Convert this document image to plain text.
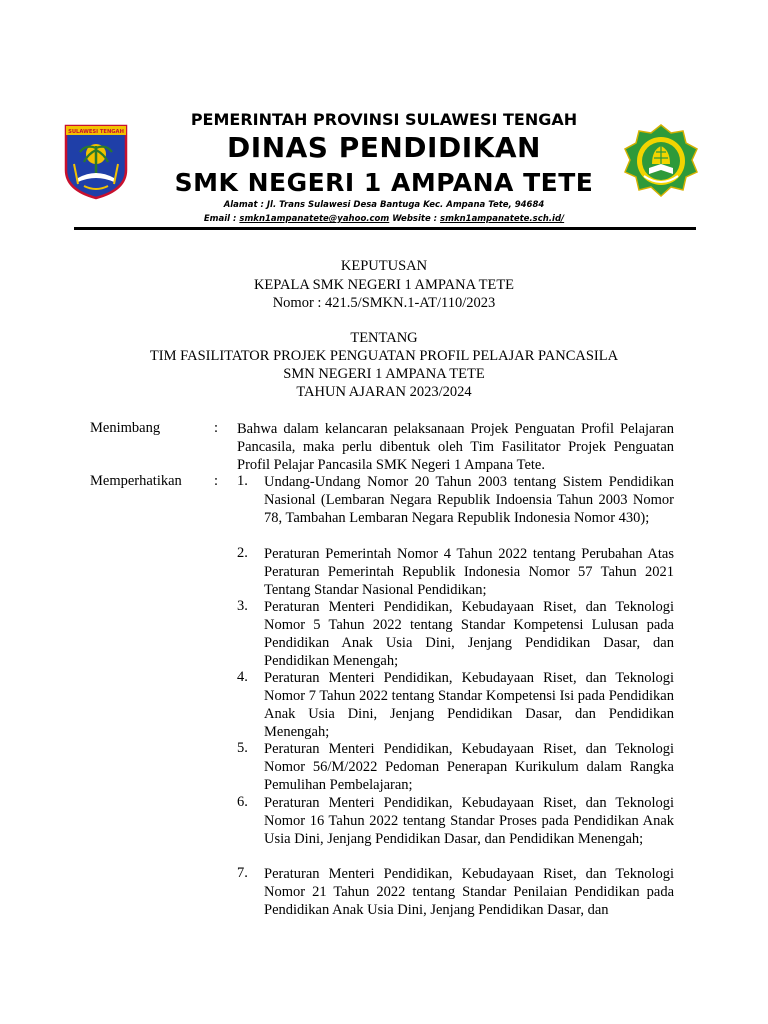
SULAWESI TENGAH
PEMERINTAH PROVINSI SULAWESI TENGAH
DINAS PENDIDIKAN
SMK NEGERI 1 AMPANA TETE
Alamat : Jl. Trans Sulawesi Desa Bantuga Kec. Ampana Tete, 94684
Email : smkn1ampanatete@yahoo.com Website : smkn1ampanatete.sch.id/
KEPUTUSAN
KEPALA SMK NEGERI 1 AMPANA TETE
Nomor : 421.5/SMKN.1-AT/110/2023
TENTANG
TIM FASILITATOR PROJEK PENGUATAN PROFIL PELAJAR PANCASILA
SMN NEGERI 1 AMPANA TETE
TAHUN AJARAN 2023/2024
Menimbang	: Bahwa dalam kelancaran pelaksanaan Projek Penguatan Profil Pelajaran Pancasila, maka perlu dibentuk oleh Tim Fasilitator Projek Penguatan Profil Pelajar Pancasila SMK Negeri 1 Ampana Tete.
Memperhatikan : 1. Undang-Undang Nomor 20 Tahun 2003 tentang Sistem Pendidikan Nasional (Lembaran Negara Republik Indoensia Tahun 2003 Nomor 78, Tambahan Lembaran Negara Republik Indonesia Nomor 430);
2. Peraturan Pemerintah Nomor 4 Tahun 2022 tentang Perubahan Atas Peraturan Pemerintah Republik Indonesia Nomor 57 Tahun 2021 Tentang Standar Nasional Pendidikan;
3. Peraturan Menteri Pendidikan, Kebudayaan Riset, dan Teknologi Nomor 5 Tahun 2022 tentang Standar Kompetensi Lulusan pada Pendidikan Anak Usia Dini, Jenjang Pendidikan Dasar, dan Pendidikan Menengah;
4. Peraturan Menteri Pendidikan, Kebudayaan Riset, dan Teknologi Nomor 7 Tahun 2022 tentang Standar Kompetensi Isi pada Pendidikan Anak Usia Dini, Jenjang Pendidikan Dasar, dan Pendidikan Menengah;
5. Peraturan Menteri Pendidikan, Kebudayaan Riset, dan Teknologi Nomor 56/M/2022 Pedoman Penerapan Kurikulum dalam Rangka Pemulihan Pembelajaran;
6. Peraturan Menteri Pendidikan, Kebudayaan Riset, dan Teknologi Nomor 16 Tahun 2022 tentang Standar Proses pada Pendidikan Anak Usia Dini, Jenjang Pendidikan Dasar, dan Pendidikan Menengah;
7. Peraturan Menteri Pendidikan, Kebudayaan Riset, dan Teknologi Nomor 21 Tahun 2022 tentang Standar Penilaian Pendidikan pada Pendidikan Anak Usia Dini, Jenjang Pendidikan Dasar, dan
